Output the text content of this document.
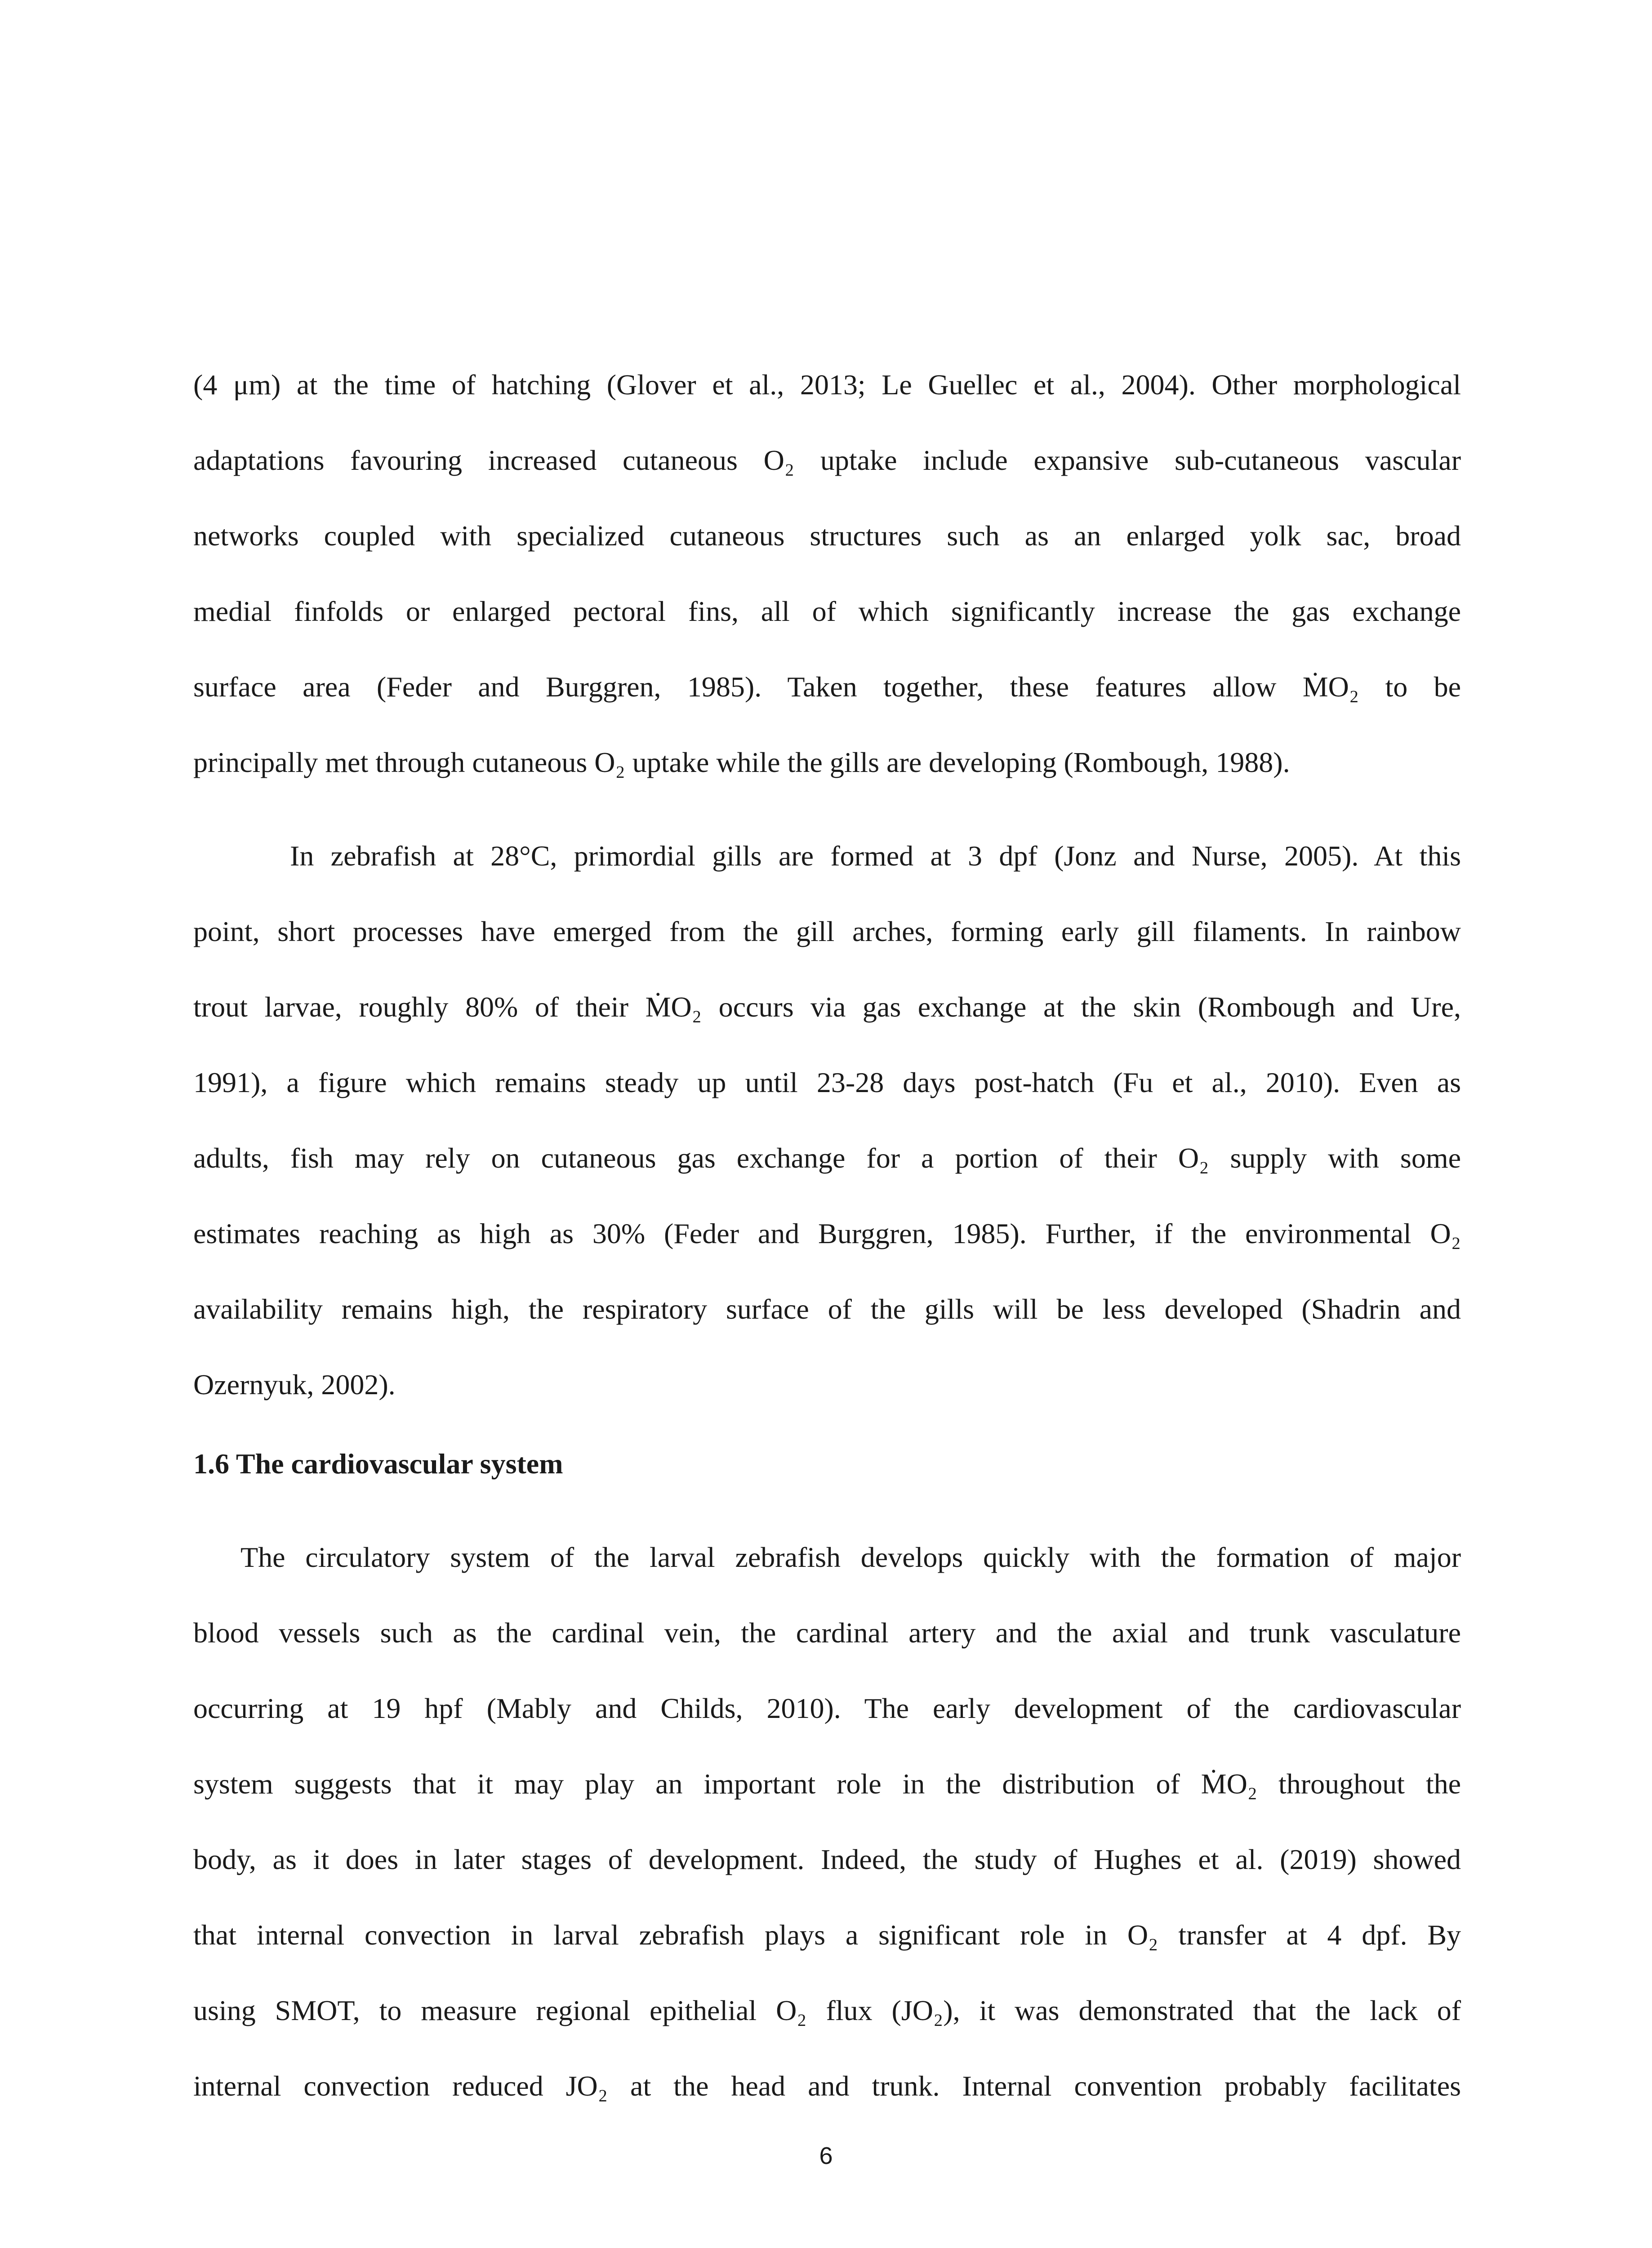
(4 μm) at the time of hatching (Glover et al., 2013; Le Guellec et al., 2004). Other morphological

adaptations favouring increased cutaneous O₂ uptake include expansive sub-cutaneous vascular

networks coupled with specialized cutaneous structures such as an enlarged yolk sac, broad

medial finfolds or enlarged pectoral fins, all of which significantly increase the gas exchange

surface area (Feder and Burggren, 1985). Taken together, these features allow ṀO₂ to be

principally met through cutaneous O₂ uptake while the gills are developing (Rombough, 1988).

In zebrafish at 28°C, primordial gills are formed at 3 dpf (Jonz and Nurse, 2005). At this

point, short processes have emerged from the gill arches, forming early gill filaments. In rainbow

trout larvae, roughly 80% of their ṀO₂ occurs via gas exchange at the skin (Rombough and Ure,

1991), a figure which remains steady up until 23-28 days post-hatch (Fu et al., 2010). Even as

adults, fish may rely on cutaneous gas exchange for a portion of their O₂ supply with some

estimates reaching as high as 30% (Feder and Burggren, 1985). Further, if the environmental O₂

availability remains high, the respiratory surface of the gills will be less developed (Shadrin and

Ozernyuk, 2002).

1.6 The cardiovascular system

The circulatory system of the larval zebrafish develops quickly with the formation of major

blood vessels such as the cardinal vein, the cardinal artery and the axial and trunk vasculature

occurring at 19 hpf (Mably and Childs, 2010). The early development of the cardiovascular

system suggests that it may play an important role in the distribution of ṀO₂ throughout the

body, as it does in later stages of development. Indeed, the study of Hughes et al. (2019) showed

that internal convection in larval zebrafish plays a significant role in O₂ transfer at 4 dpf. By

using SMOT, to measure regional epithelial O₂ flux (JO₂), it was demonstrated that the lack of

internal convection reduced JO₂ at the head and trunk. Internal convention probably facilitates

6
